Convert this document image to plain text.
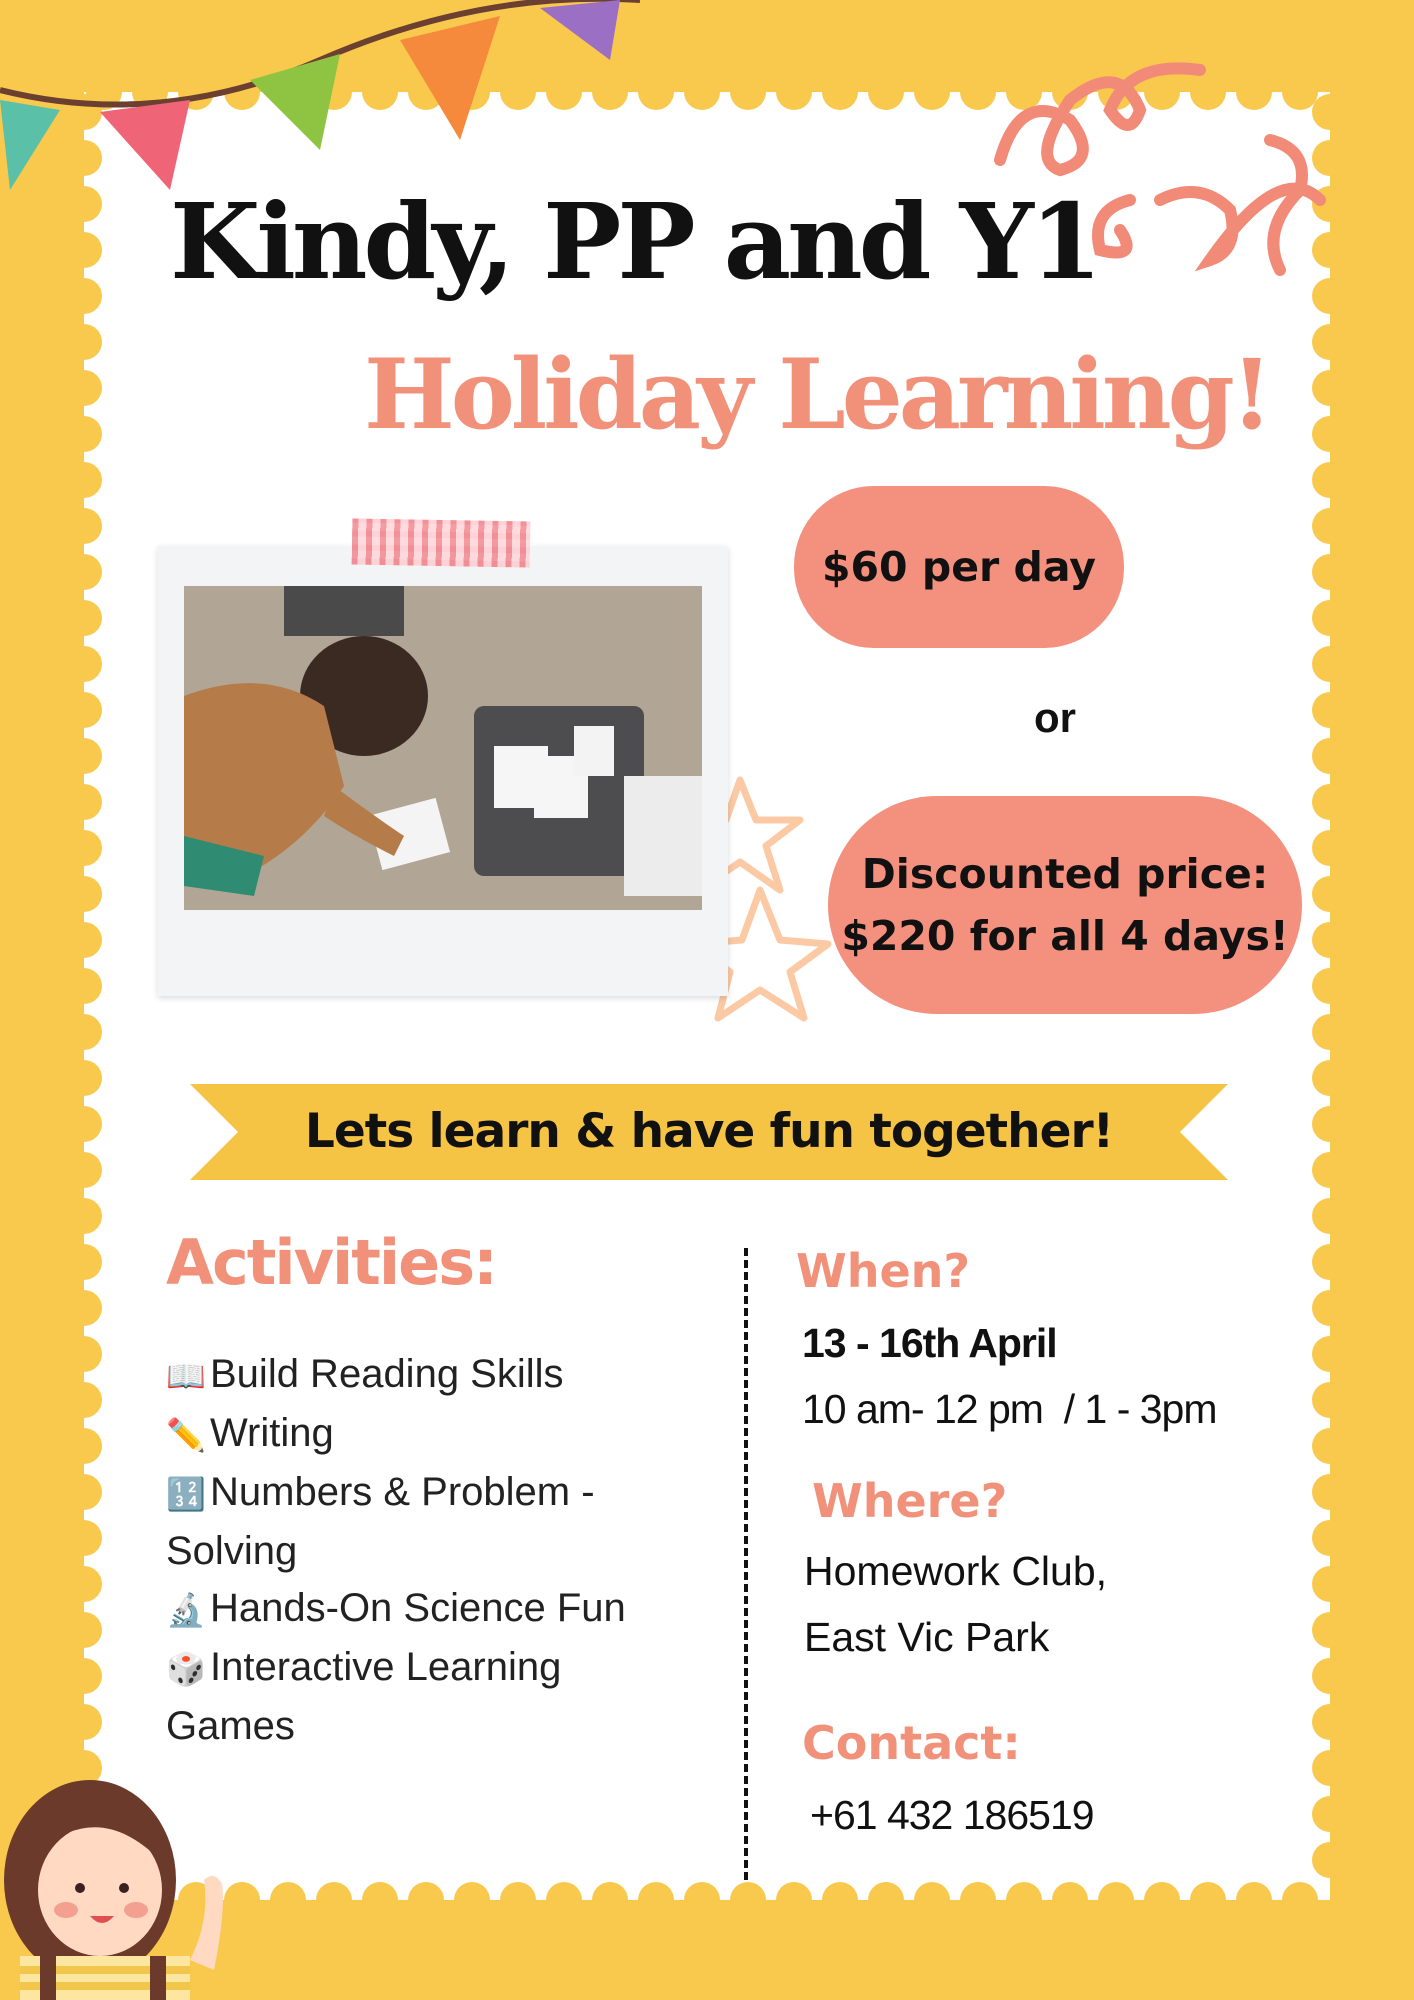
Kindy, PP and Y1
Holiday Learning!
$60 per day
or
Discounted price:
$220 for all 4 days!
Lets learn & have fun together!
Activities:
📖 Build Reading Skills
✏️ Writing
🔢 Numbers & Problem -
Solving
🔬 Hands-On Science Fun
🎲 Interactive Learning
Games
When?
13 - 16th April
10 am- 12 pm  / 1 - 3pm
Where?
Homework Club,
East Vic Park
Contact:
+61 432 186519
